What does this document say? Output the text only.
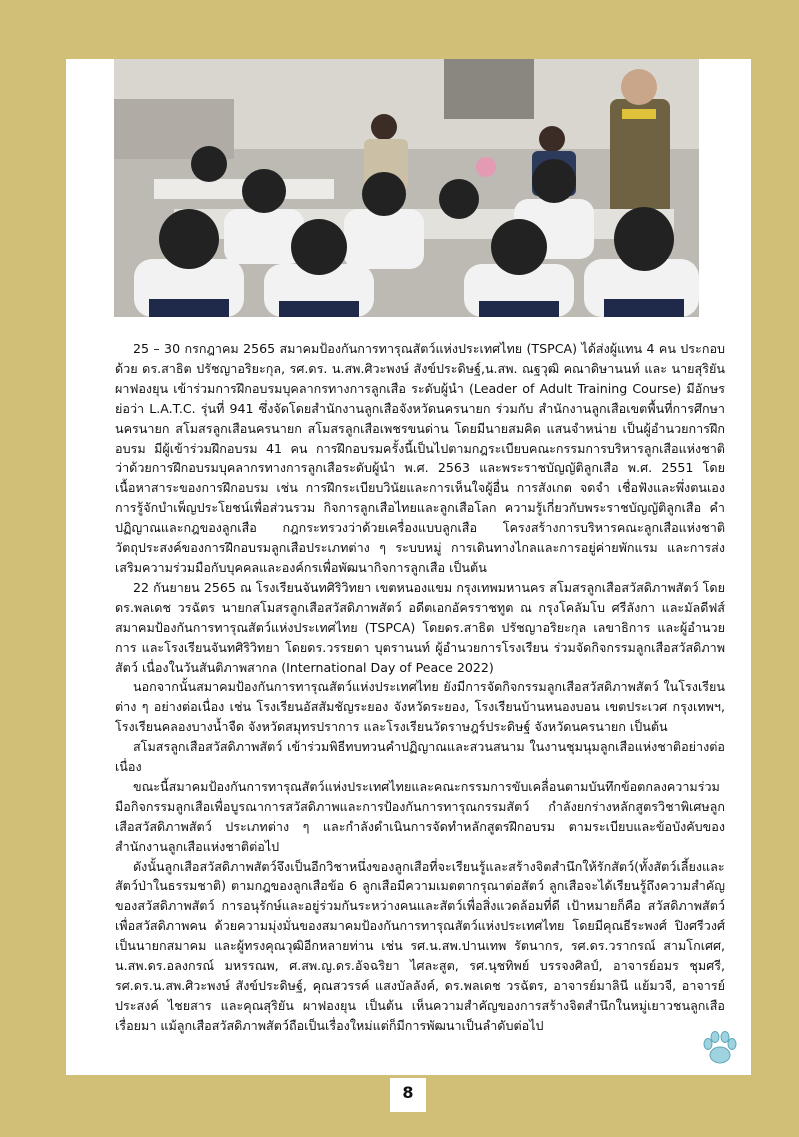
25 – 30 กรกฎาคม 2565 สมาคมป้องกันการทารุณสัตว์แห่งประเทศไทย (TSPCA) ได้ส่งผู้แทน 4 คน ประกอบด้วย ดร.สาธิต ปรัชญาอริยะกุล, รศ.ดร. น.สพ.ศิวะพงษ์ สังข์ประดิษฐ์,น.สพ. ณฐวุฒิ คณาดิษานนท์ และ นายสุริยัน ผาฟองยุน เข้าร่วมการฝึกอบรมบุคลากรทางการลูกเสือ ระดับผู้นำ (Leader of Adult Training Course) มีอักษรย่อว่า L.A.T.C. รุ่นที่ 941 ซึ่งจัดโดยสำนักงานลูกเสือจังหวัดนครนายก ร่วมกับ สำนักงานลูกเสือเขตพื้นที่การศึกษานครนายก สโมสรลูกเสือนครนายก สโมสรลูกเสือเพชรขนด่าน โดยมีนายสมคิด แสนจำหน่าย เป็นผู้อำนวยการฝึกอบรม มีผู้เข้าร่วมฝึกอบรม 41 คน การฝึกอบรมครั้งนี้เป็นไปตามกฎระเบียบคณะกรรมการบริหารลูกเสือแห่งชาติ ว่าด้วยการฝึกอบรมบุคลากรทางการลูกเสือระดับผู้นำ พ.ศ. 2563 และพระราชบัญญัติลูกเสือ พ.ศ. 2551 โดยเนื้อหาสาระของการฝึกอบรม เช่น การฝึกระเบียบวินัยและการเห็นใจผู้อื่น การสังเกต จดจำ เชื่อฟังและพึ่งตนเอง การรู้จักบำเพ็ญประโยชน์เพื่อส่วนรวม กิจการลูกเสือไทยและลูกเสือโลก ความรู้เกี่ยวกับพระราชบัญญัติลูกเสือ คำปฏิญาณและกฎของลูกเสือ กฎกระทรวงว่าด้วยเครื่องแบบลูกเสือ โครงสร้างการบริหารคณะลูกเสือแห่งชาติ วัตถุประสงค์ของการฝึกอบรมลูกเสือประเภทต่าง ๆ ระบบหมู่ การเดินทางไกลและการอยู่ค่ายพักแรม และการส่งเสริมความร่วมมือกับบุคคลและองค์กรเพื่อพัฒนากิจการลูกเสือ เป็นต้น

22 กันยายน 2565 ณ โรงเรียนจันทศิริวิทยา เขตหนองแขม กรุงเทพมหานคร สโมสรลูกเสือสวัสดิภาพสัตว์ โดยดร.พลเดช วรฉัตร นายกสโมสรลูกเสือสวัสดิภาพสัตว์ อดีตเอกอัครราชทูต ณ กรุงโคลัมโบ ศรีลังกา และมัลดีฟส์ สมาคมป้องกันการทารุณสัตว์แห่งประเทศไทย (TSPCA) โดยดร.สาธิต ปรัชญาอริยะกุล เลขาธิการ และผู้อำนวยการ และโรงเรียนจันทศิริวิทยา โดยดร.วรรยดา บุตรานนท์ ผู้อำนวยการโรงเรียน ร่วมจัดกิจกรรมลูกเสือสวัสดิภาพสัตว์ เนื่องในวันสันติภาพสากล (International Day of Peace 2022)

นอกจากนั้นสมาคมป้องกันการทารุณสัตว์แห่งประเทศไทย ยังมีการจัดกิจกรรมลูกเสือสวัสดิภาพสัตว์ ในโรงเรียนต่าง ๆ อย่างต่อเนื่อง เช่น โรงเรียนอัสสัมชัญระยอง จังหวัดระยอง, โรงเรียนบ้านหนองบอน เขตประเวศ กรุงเทพฯ, โรงเรียนคลองบางน้ำจืด จังหวัดสมุทรปราการ และโรงเรียนวัดราษฎร์ประดิษฐ์ จังหวัดนครนายก เป็นต้น

สโมสรลูกเสือสวัสดิภาพสัตว์ เข้าร่วมพิธีทบทวนคำปฏิญาณและสวนสนาม ในงานชุมนุมลูกเสือแห่งชาติอย่างต่อเนื่อง

ขณะนี้สมาคมป้องกันการทารุณสัตว์แห่งประเทศไทยและคณะกรรมการขับเคลื่อนตามบันทึกข้อตกลงความร่วมมือกิจกรรมลูกเสือเพื่อบูรณาการสวัสดิภาพและการป้องกันการทารุณกรรมสัตว์ กำลังยกร่างหลักสูตรวิชาพิเศษลูกเสือสวัสดิภาพสัตว์ ประเภทต่าง ๆ และกำลังดำเนินการจัดทำหลักสูตรฝึกอบรม ตามระเบียบและข้อบังคับของสำนักงานลูกเสือแห่งชาติต่อไป

ดังนั้นลูกเสือสวัสดิภาพสัตว์จึงเป็นอีกวิชาหนึ่งของลูกเสือที่จะเรียนรู้และสร้างจิตสำนึกให้รักสัตว์(ทั้งสัตว์เลี้ยงและสัตว์ป่าในธรรมชาติ) ตามกฎของลูกเสือข้อ 6 ลูกเสือมีความเมตตากรุณาต่อสัตว์ ลูกเสือจะได้เรียนรู้ถึงความสำคัญของสวัสดิภาพสัตว์ การอนุรักษ์และอยู่ร่วมกันระหว่างคนและสัตว์เพื่อสิ่งแวดล้อมที่ดี เป้าหมายก็คือ สวัสดิภาพสัตว์เพื่อสวัสดิภาพคน ด้วยความมุ่งมั่นของสมาคมป้องกันการทารุณสัตว์แห่งประเทศไทย โดยมีคุณธีระพงศ์ ปิงศรีวงศ์ เป็นนายกสมาคม และผู้ทรงคุณวุฒิอีกหลายท่าน เช่น รศ.น.สพ.ปานเทพ รัตนากร, รศ.ดร.วรากรณ์ สามโกเศศ, น.สพ.ดร.อลงกรณ์ มหรรณพ, ศ.สพ.ญ.ดร.อัจฉริยา ไศละสูต, รศ.นุชทิพย์ บรรจงศิลป์, อาจารย์อมร ชุมศรี, รศ.ดร.น.สพ.ศิวะพงษ์ สังข์ประดิษฐ์, คุณสวรรค์ แสงบัลลังค์, ดร.พลเดช วรฉัตร, อาจารย์มาลินี แย้มวจี, อาจารย์ประสงค์ ไชยสาร และคุณสุริยัน ผาฟองยุน เป็นต้น เห็นความสำคัญของการสร้างจิตสำนึกในหมู่เยาวชนลูกเสือเรื่อยมา แม้ลูกเสือสวัสดิภาพสัตว์ถือเป็นเรื่องใหม่แต่ก็มีการพัฒนาเป็นลำดับต่อไป

8
